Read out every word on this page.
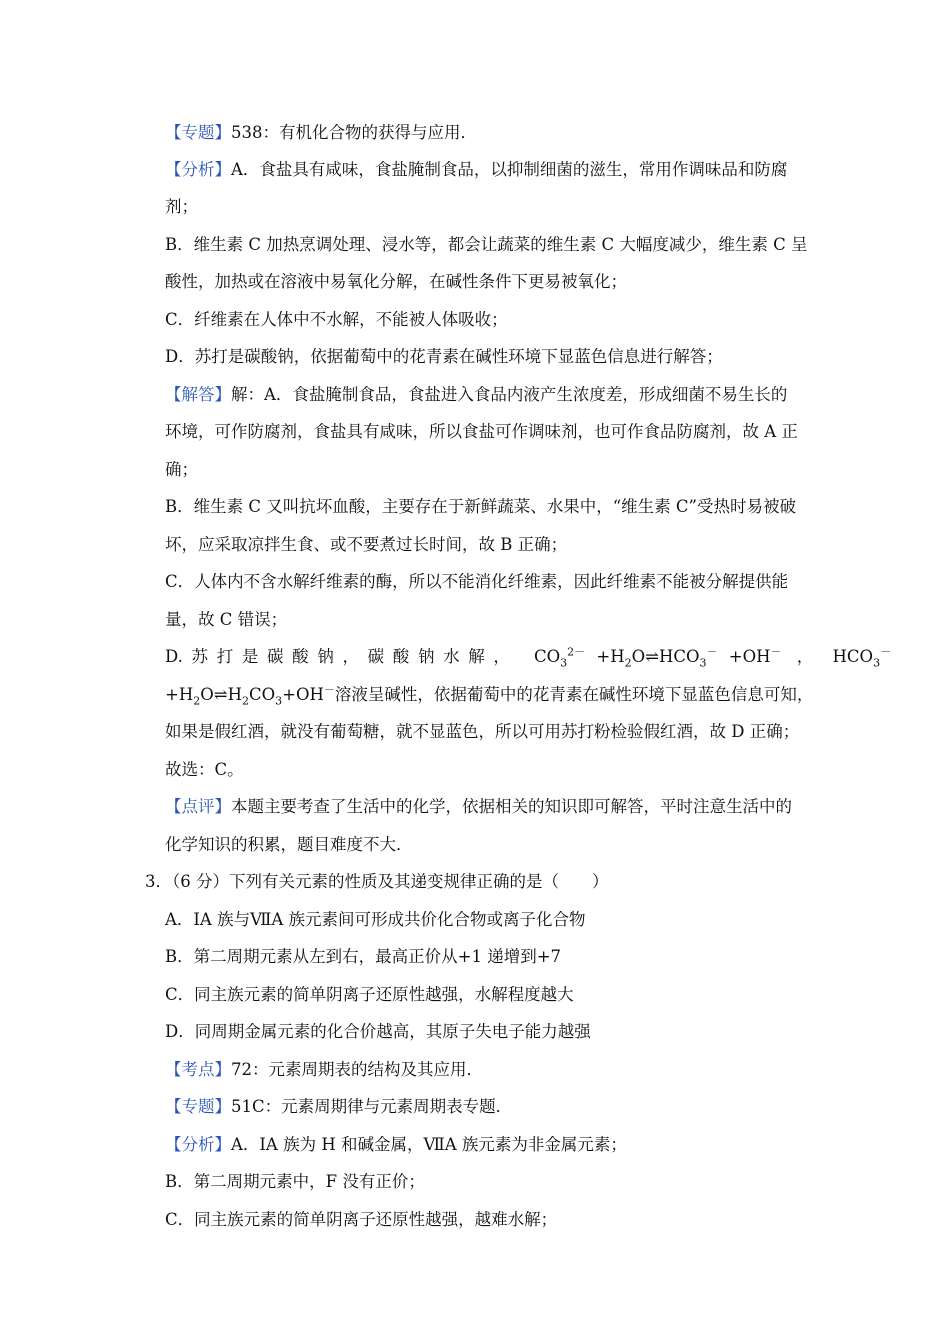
【专题】538：有机化合物的获得与应用．
【分析】A．食盐具有咸味，食盐腌制食品，以抑制细菌的滋生，常用作调味品和防腐
剂；
B．维生素 C 加热烹调处理、浸水等，都会让蔬菜的维生素 C 大幅度减少，维生素 C 呈
酸性，加热或在溶液中易氧化分解，在碱性条件下更易被氧化；
C．纤维素在人体中不水解，不能被人体吸收；
D．苏打是碳酸钠，依据葡萄中的花青素在碱性环境下显蓝色信息进行解答；
【解答】解：A．食盐腌制食品，食盐进入食品内液产生浓度差，形成细菌不易生长的
环境，可作防腐剂，食盐具有咸味，所以食盐可作调味剂，也可作食品防腐剂，故 A 正
确；
B．维生素 C 又叫抗坏血酸，主要存在于新鲜蔬菜、水果中，“维生素 C”受热时易被破
坏，应采取凉拌生食、或不要煮过长时间，故 B 正确；
C．人体内不含水解纤维素的酶，所以不能消化纤维素，因此纤维素不能被分解提供能
量，故 C 错误；
D. 苏 打 是 碳 酸 钠 ， 碳 酸 钠 水 解 ， $CO_3^{2-}$ $+H_2O\rightleftharpoons HCO_3^- +OH^-$ ， $HCO_3^-$
$+H_2O\rightleftharpoons H_2CO_3+OH^-$溶液呈碱性，依据葡萄中的花青素在碱性环境下显蓝色信息可知，
如果是假红酒，就没有葡萄糖，就不显蓝色，所以可用苏打粉检验假红酒，故 D 正确；
故选：C。
【点评】本题主要考查了生活中的化学，依据相关的知识即可解答，平时注意生活中的
化学知识的积累，题目难度不大．
3．（6 分）下列有关元素的性质及其递变规律正确的是（　　）
A．ⅠA 族与ⅦA 族元素间可形成共价化合物或离子化合物
B．第二周期元素从左到右，最高正价从+1 递增到+7
C．同主族元素的简单阴离子还原性越强，水解程度越大
D．同周期金属元素的化合价越高，其原子失电子能力越强
【考点】72：元素周期表的结构及其应用．
【专题】51C：元素周期律与元素周期表专题．
【分析】A．ⅠA 族为 H 和碱金属，ⅦA 族元素为非金属元素；
B．第二周期元素中，F 没有正价；
C．同主族元素的简单阴离子还原性越强，越难水解；
